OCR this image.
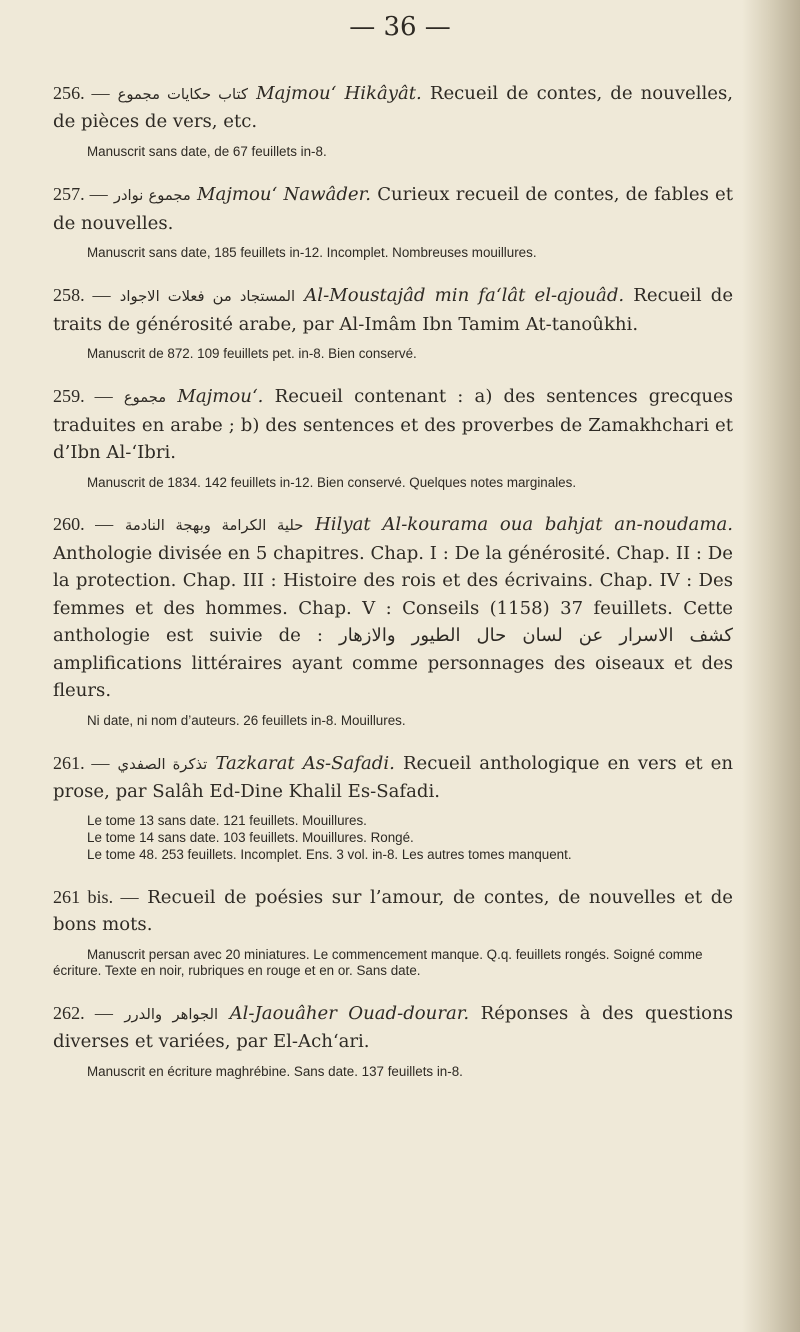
— 36 —

256. — كتاب حكايات مجموع Majmou‘ Hikâyât. Recueil de contes, de nouvelles, de pièces de vers, etc.

Manuscrit sans date, de 67 feuillets in-8.

257. — مجموع نوادر Majmou‘ Nawâder. Curieux recueil de contes, de fables et de nouvelles.

Manuscrit sans date, 185 feuillets in-12. Incomplet. Nombreuses mouillures.

258. — المستجاد من فعلات الاجواد Al-Moustajâd min fa‘lât el-ajouâd. Recueil de traits de générosité arabe, par Al-Imâm Ibn Tamim At-tanoûkhi.

Manuscrit de 872. 109 feuillets pet. in-8. Bien conservé.

259. — مجموع Majmou‘. Recueil contenant : a) des sentences grecques traduites en arabe ; b) des sentences et des proverbes de Zamakhchari et d’Ibn Al-‘Ibri.

Manuscrit de 1834. 142 feuillets in-12. Bien conservé. Quelques notes marginales.

260. — حلية الكرامة وبهجة النادمة Hilyat Al-kourama oua bahjat an-noudama. Anthologie divisée en 5 chapitres. Chap. I : De la générosité. Chap. II : De la protection. Chap. III : Histoire des rois et des écrivains. Chap. IV : Des femmes et des hommes. Chap. V : Conseils (1158) 37 feuillets. Cette anthologie est suivie de : كشف الاسرار عن لسان حال الطيور والازهار amplifications littéraires ayant comme personnages des oiseaux et des fleurs.

Ni date, ni nom d’auteurs. 26 feuillets in-8. Mouillures.

261. — تذكرة الصفدي Tazkarat As-Safadi. Recueil anthologique en vers et en prose, par Salâh Ed-Dine Khalil Es-Safadi.

Le tome 13 sans date. 121 feuillets. Mouillures.
Le tome 14 sans date. 103 feuillets. Mouillures. Rongé.
Le tome 48. 253 feuillets. Incomplet. Ens. 3 vol. in-8. Les autres tomes manquent.

261 bis. — Recueil de poésies sur l’amour, de contes, de nouvelles et de bons mots.

Manuscrit persan avec 20 miniatures. Le commencement manque. Q.q. feuillets rongés. Soigné comme écriture. Texte en noir, rubriques en rouge et en or. Sans date.

262. — الجواهر والدرر Al-Jaouâher Ouad-dourar. Réponses à des questions diverses et variées, par El-Ach‘ari.

Manuscrit en écriture maghrébine. Sans date. 137 feuillets in-8.
